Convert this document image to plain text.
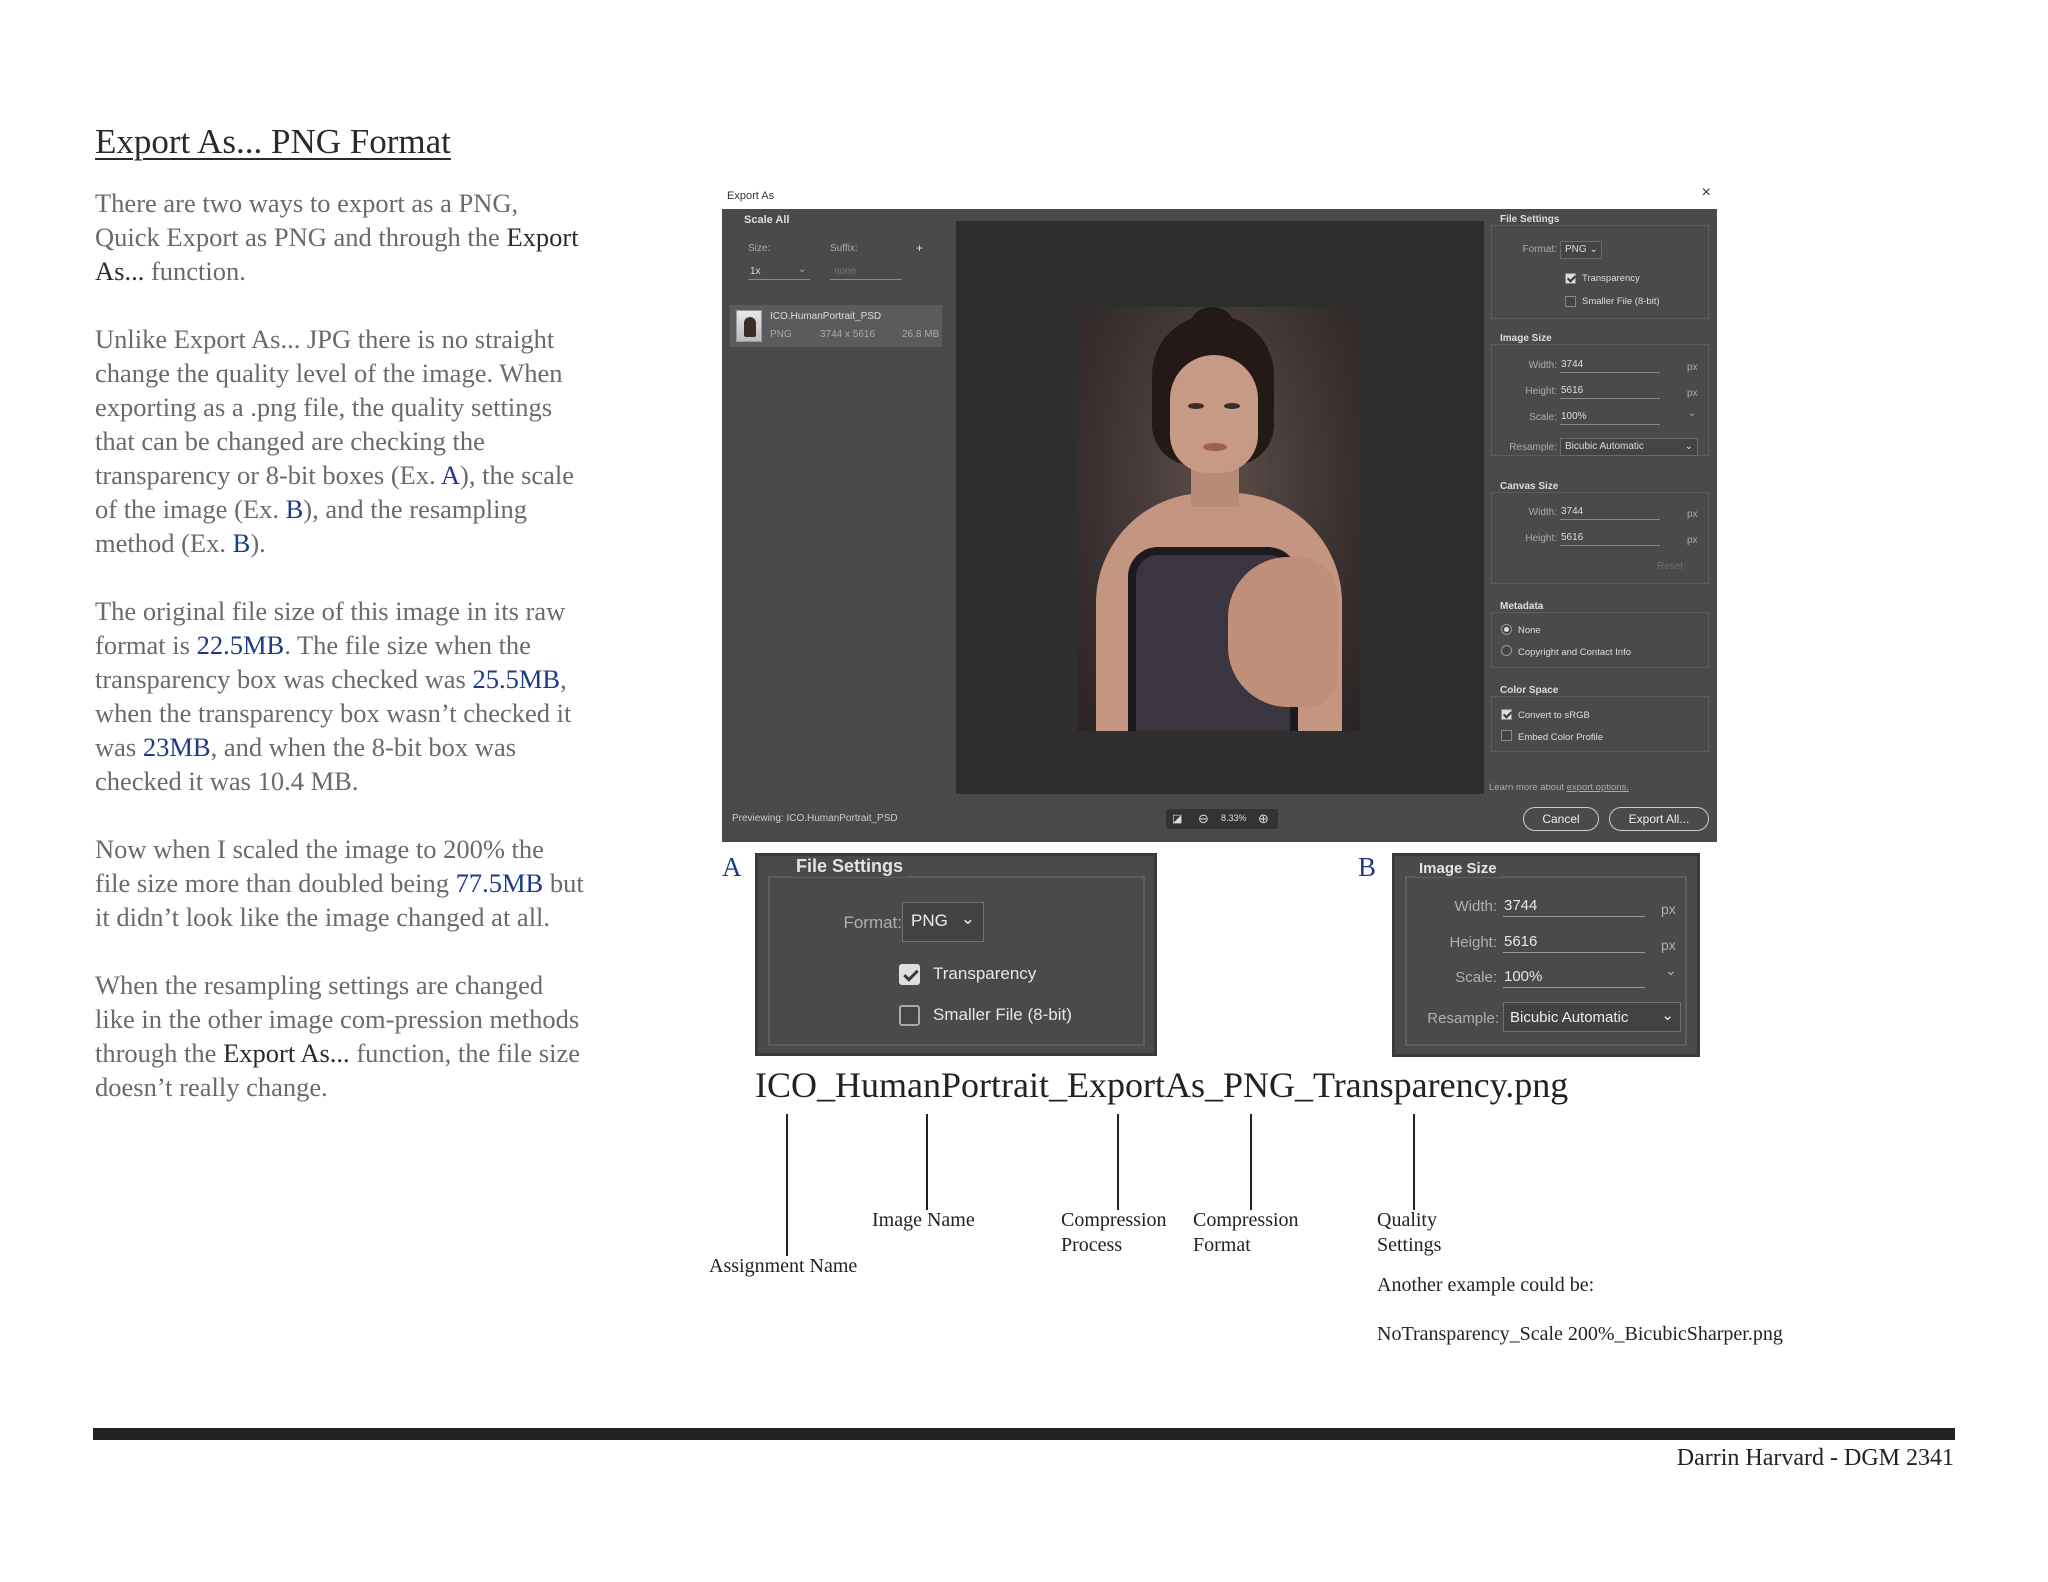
Export As... PNG Format

There are two ways to export as a PNG, Quick Export as PNG and through the Export As... function.

Unlike Export As... JPG there is no straight change the quality level of the image. When exporting as a .png file, the quality settings that can be changed are checking the transparency or 8-bit boxes (Ex. A), the scale of the image (Ex. B), and the resampling method (Ex. B).

The original file size of this image in its raw format is 22.5MB. The file size when the transparency box was checked was 25.5MB, when the transparency box wasn’t checked it was 23MB, and when the 8-bit box was checked it was 10.4 MB.

Now when I scaled the image to 200% the file size more than doubled being 77.5MB but it didn’t look like the image changed at all.

When the resampling settings are changed like in the other image com-pression methods through the Export As... function, the file size doesn’t really change.

Export As	×
Scale All
Size:	Suffix:	+
1x	⌄	none
ICO.HumanPortrait_PSD
PNG	3744 x 5616	26.8 MB
File Settings
Format: PNG ⌄
Transparency
Smaller File (8-bit)
Image Size
Width: 3744	px
Height: 5616	px
Scale: 100%	⌄
Resample: Bicubic Automatic	⌄
Canvas Size
Width: 3744	px
Height: 5616	px
Reset
Metadata
None
Copyright and Contact Info
Color Space
Convert to sRGB
Embed Color Profile
Learn more about export options.
Previewing: ICO.HumanPortrait_PSD	◪ ⊖ 8.33% ⊕	Cancel	Export All...
A	File Settings
Format: PNG ⌄
Transparency
Smaller File (8-bit)
B	Image Size
Width: 3744	px
Height: 5616	px
Scale: 100%	⌄
Resample: Bicubic Automatic ⌄
ICO_HumanPortrait_ExportAs_PNG_Transparency.png
Assignment Name
Image Name	Compression
Process
Compression
Format
Quality
Settings
Another example could be:
NoTransparency_Scale 200%_BicubicSharper.png
Darrin Harvard - DGM 2341
